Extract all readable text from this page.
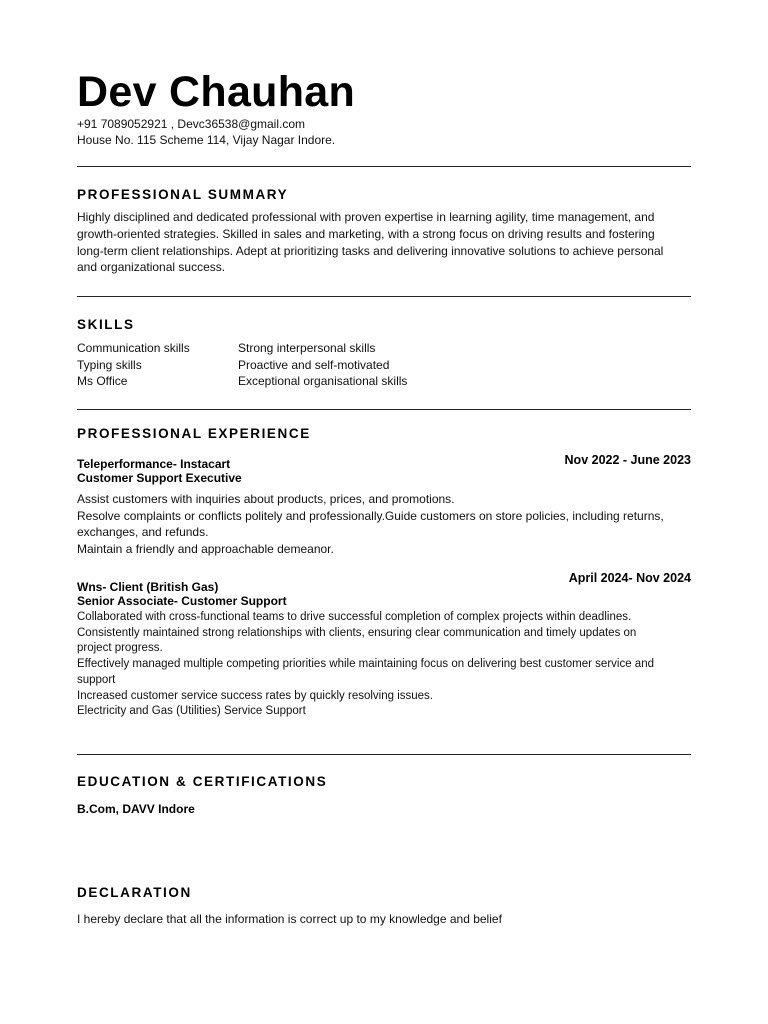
Dev Chauhan
+91 7089052921 , Devc36538@gmail.com
House No. 115 Scheme 114, Vijay Nagar Indore.
PROFESSIONAL SUMMARY
Highly disciplined and dedicated professional with proven expertise in learning agility, time management, and growth-oriented strategies. Skilled in sales and marketing, with a strong focus on driving results and fostering long-term client relationships. Adept at prioritizing tasks and delivering innovative solutions to achieve personal and organizational success.
SKILLS
Communication skills
Typing skills
Ms Office
Strong interpersonal skills
Proactive and self-motivated
Exceptional organisational skills
PROFESSIONAL EXPERIENCE
Nov 2022 - June 2023
Teleperformance- Instacart
Customer Support Executive
Assist customers with inquiries about products, prices, and promotions.
Resolve complaints or conflicts politely and professionally.Guide customers on store policies, including returns, exchanges, and refunds.
Maintain a friendly and approachable demeanor.
April 2024- Nov 2024
Wns- Client (British Gas)
Senior Associate- Customer Support
Collaborated with cross-functional teams to drive successful completion of complex projects within deadlines.
Consistently maintained strong relationships with clients, ensuring clear communication and timely updates on project progress.
Effectively managed multiple competing priorities while maintaining focus on delivering best customer service and support
Increased customer service success rates by quickly resolving issues.
Electricity and Gas (Utilities) Service Support
EDUCATION & CERTIFICATIONS
B.Com, DAVV Indore
DECLARATION
I hereby declare that all the information is correct up to my knowledge and belief
